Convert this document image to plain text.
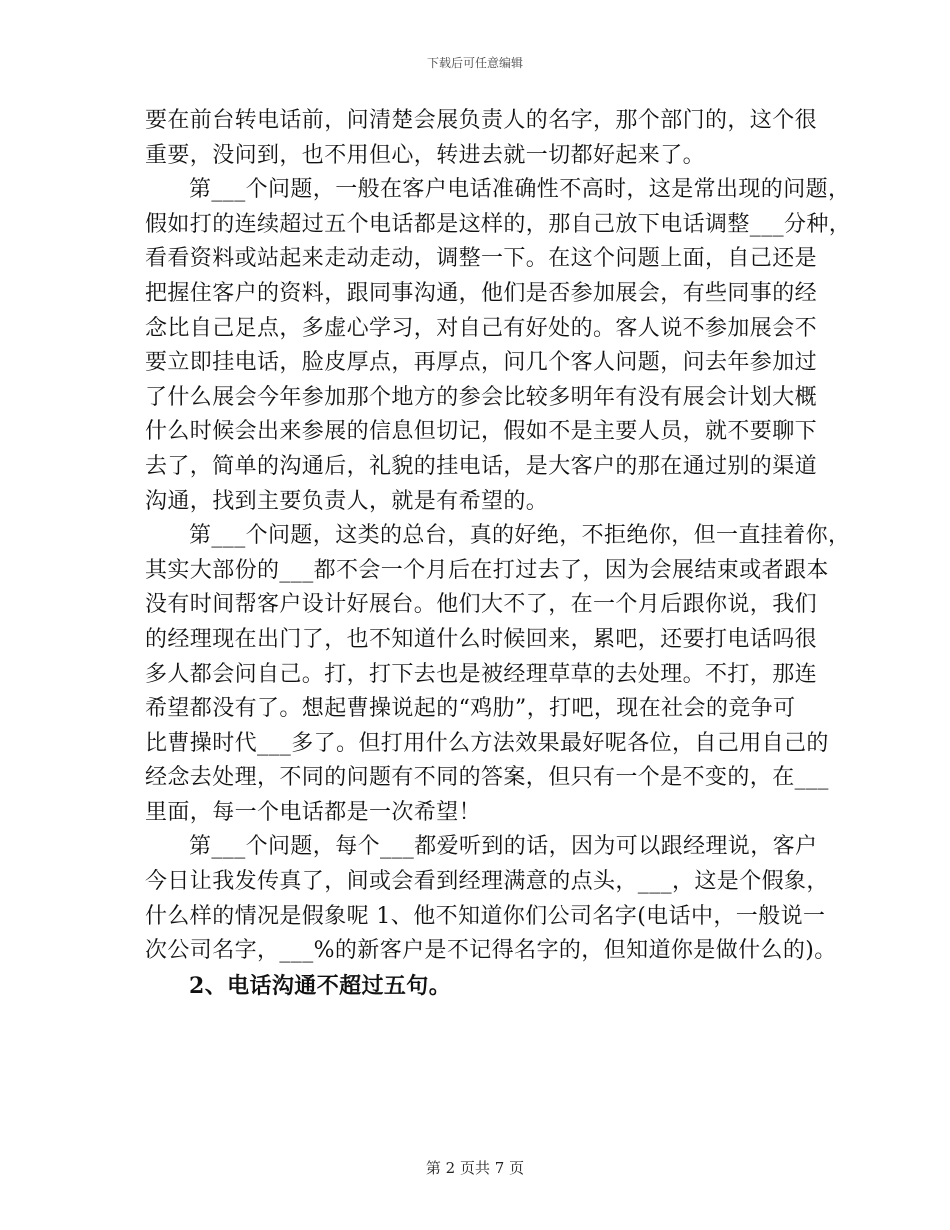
下载后可任意编辑
要在前台转电话前，问清楚会展负责人的名字，那个部门的，这个很
重要，没问到，也不用但心，转进去就一切都好起来了。
第___个问题，一般在客户电话准确性不高时，这是常出现的问题，
假如打的连续超过五个电话都是这样的，那自己放下电话调整___分种，
看看资料或站起来走动走动，调整一下。在这个问题上面，自己还是
把握住客户的资料，跟同事沟通，他们是否参加展会，有些同事的经
念比自己足点，多虚心学习，对自己有好处的。客人说不参加展会不
要立即挂电话，脸皮厚点，再厚点，问几个客人问题，问去年参加过
了什么展会今年参加那个地方的参会比较多明年有没有展会计划大概
什么时候会出来参展的信息但切记，假如不是主要人员，就不要聊下
去了，简单的沟通后，礼貌的挂电话，是大客户的那在通过别的渠道
沟通，找到主要负责人，就是有希望的。
第___个问题，这类的总台，真的好绝，不拒绝你，但一直挂着你，
其实大部份的___都不会一个月后在打过去了，因为会展结束或者跟本
没有时间帮客户设计好展台。他们大不了，在一个月后跟你说，我们
的经理现在出门了，也不知道什么时候回来，累吧，还要打电话吗很
多人都会问自己。打，打下去也是被经理草草的去处理。不打，那连
希望都没有了。想起曹操说起的“鸡肋”，打吧，现在社会的竞争可
比曹操时代___多了。但打用什么方法效果最好呢各位，自己用自己的
经念去处理，不同的问题有不同的答案，但只有一个是不变的，在___
里面，每一个电话都是一次希望！
第___个问题，每个___都爱听到的话，因为可以跟经理说，客户
今日让我发传真了，间或会看到经理满意的点头，___，这是个假象，
什么样的情况是假象呢 1、他不知道你们公司名字(电话中，一般说一
次公司名字，___%的新客户是不记得名字的，但知道你是做什么的)。
2、电话沟通不超过五句。
第 2 页共 7 页
